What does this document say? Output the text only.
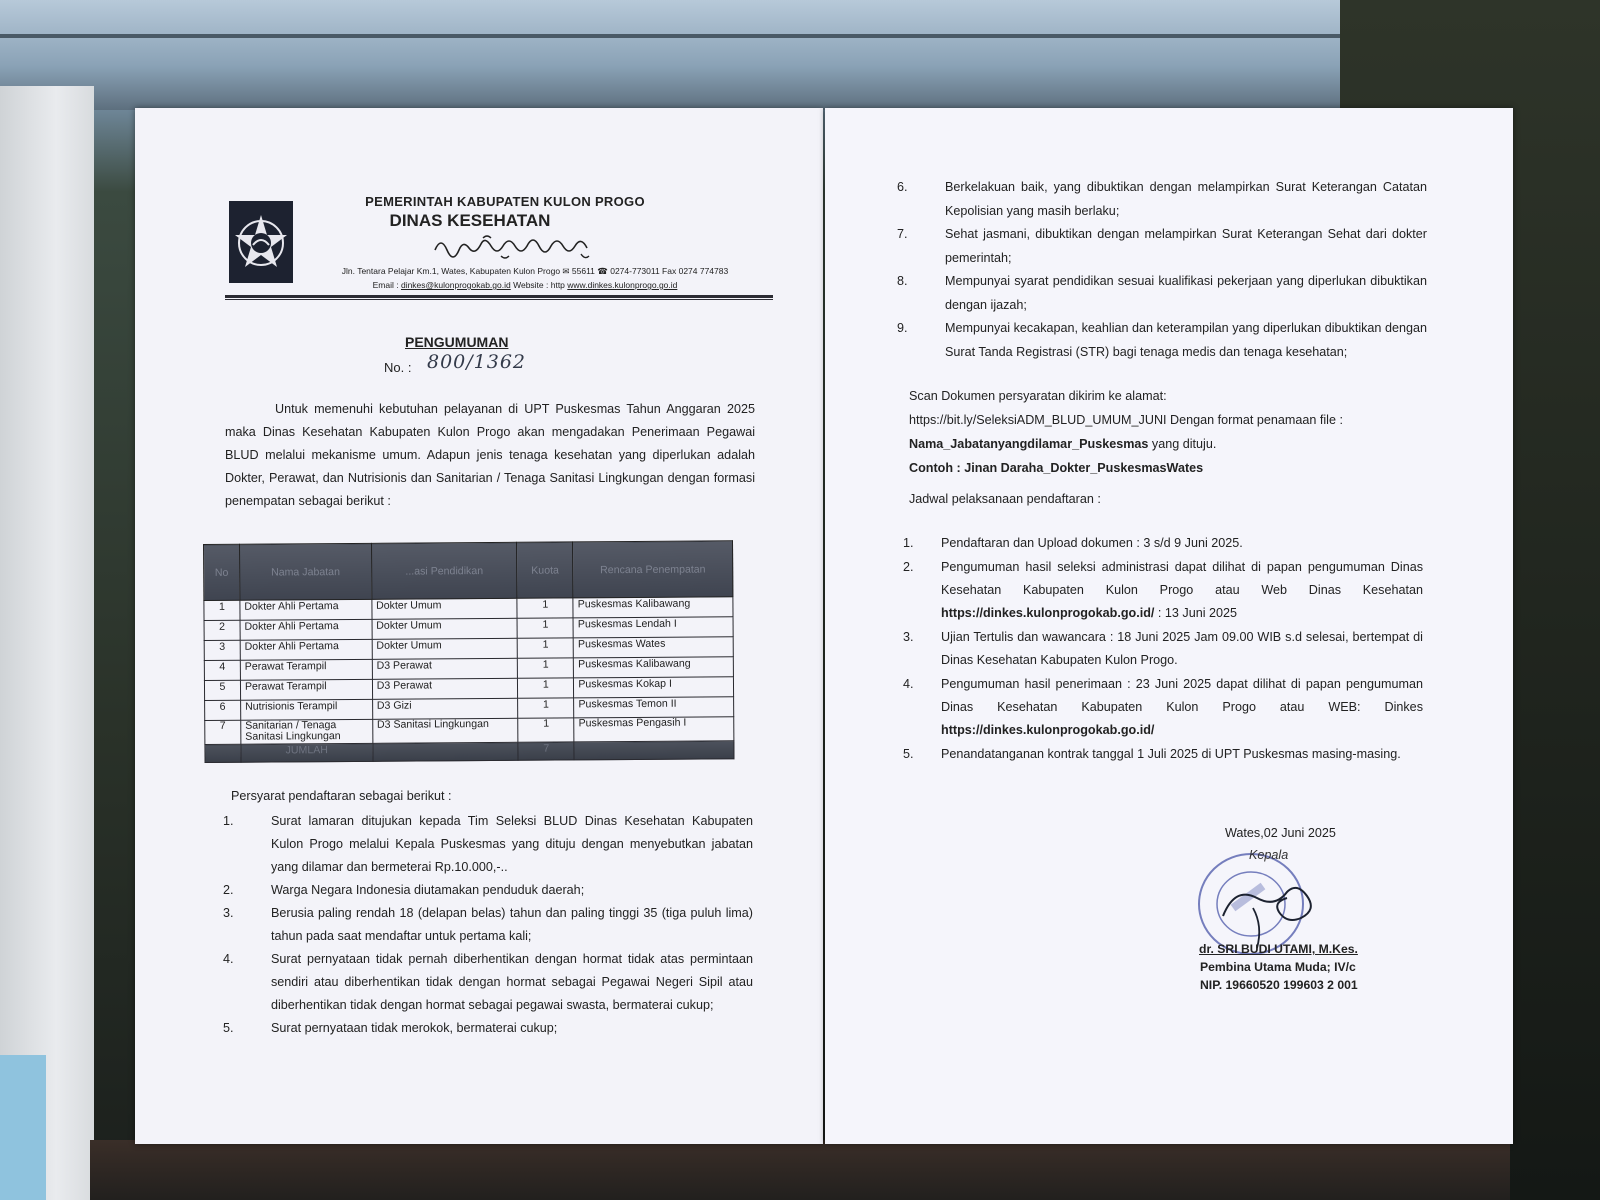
PEMERINTAH KABUPATEN KULON PROGO
DINAS KESEHATAN
Jln. Tentara Pelajar Km.1, Wates, Kabupaten Kulon Progo ✉ 55611 ☎ 0274-773011 Fax 0274 774783
Email : dinkes@kulonprogokab.go.id Website : http www.dinkes.kulonprogo.go.id
PENGUMUMAN
No. : 800/1362

Untuk memenuhi kebutuhan pelayanan di UPT Puskesmas Tahun Anggaran 2025 maka Dinas Kesehatan Kabupaten Kulon Progo akan mengadakan Penerimaan Pegawai BLUD melalui mekanisme umum. Adapun jenis tenaga kesehatan yang diperlukan adalah Dokter, Perawat, dan Nutrisionis dan Sanitarian / Tenaga Sanitasi Lingkungan dengan formasi penempatan sebagai berikut :

No	Nama Jabatan	...asi Pendidikan	Kuota	Rencana Penempatan
1	Dokter Ahli Pertama	Dokter Umum	1	Puskesmas Kalibawang
2	Dokter Ahli Pertama	Dokter Umum	1	Puskesmas Lendah I
3	Dokter Ahli Pertama	Dokter Umum	1	Puskesmas Wates
4	Perawat Terampil	D3 Perawat	1	Puskesmas Kalibawang
5	Perawat Terampil	D3 Perawat	1	Puskesmas Kokap I
6	Nutrisionis Terampil	D3 Gizi	1	Puskesmas Temon II
7	Sanitarian / Tenaga Sanitasi Lingkungan	D3 Sanitasi Lingkungan	1	Puskesmas Pengasih I
	JUMLAH		7	
Persyarat pendaftaran sebagai berikut :
1.	Surat lamaran ditujukan kepada Tim Seleksi BLUD Dinas Kesehatan Kabupaten Kulon Progo melalui Kepala Puskesmas yang dituju dengan menyebutkan jabatan yang dilamar dan bermeterai Rp.10.000,-..
2.	Warga Negara Indonesia diutamakan penduduk daerah;
3.	Berusia paling rendah 18 (delapan belas) tahun dan paling tinggi 35 (tiga puluh lima) tahun pada saat mendaftar untuk pertama kali;
4.	Surat pernyataan tidak pernah diberhentikan dengan hormat tidak atas permintaan sendiri atau diberhentikan tidak dengan hormat sebagai Pegawai Negeri Sipil atau diberhentikan tidak dengan hormat sebagai pegawai swasta, bermaterai cukup;
5.	Surat pernyataan tidak merokok, bermaterai cukup;
6.	Berkelakuan baik, yang dibuktikan dengan melampirkan Surat Keterangan Catatan Kepolisian yang masih berlaku;
7.	Sehat jasmani, dibuktikan dengan melampirkan Surat Keterangan Sehat dari dokter pemerintah;
8.	Mempunyai syarat pendidikan sesuai kualifikasi pekerjaan yang diperlukan dibuktikan dengan ijazah;
9.	Mempunyai kecakapan, keahlian dan keterampilan yang diperlukan dibuktikan dengan Surat Tanda Registrasi (STR) bagi tenaga medis dan tenaga kesehatan;
Scan Dokumen persyaratan dikirim ke alamat:
https://bit.ly/SeleksiADM_BLUD_UMUM_JUNI Dengan format penamaan file :
Nama_Jabatanyangdilamar_Puskesmas yang dituju.
Contoh : Jinan Daraha_Dokter_PuskesmasWates
Jadwal pelaksanaan pendaftaran :
1. Pendaftaran dan Upload dokumen : 3 s/d 9 Juni 2025.
2. Pengumuman hasil seleksi administrasi dapat dilihat di papan pengumuman Dinas Kesehatan Kabupaten Kulon Progo atau Web Dinas Kesehatan https://dinkes.kulonprogokab.go.id/ : 13 Juni 2025
3. Ujian Tertulis dan wawancara : 18 Juni 2025 Jam 09.00 WIB s.d selesai, bertempat di Dinas Kesehatan Kabupaten Kulon Progo.
4. Pengumuman hasil penerimaan : 23 Juni 2025 dapat dilihat di papan pengumuman Dinas Kesehatan Kabupaten Kulon Progo atau WEB: Dinkes https://dinkes.kulonprogokab.go.id/
5. Penandatanganan kontrak tanggal 1 Juli 2025 di UPT Puskesmas masing-masing.
Wates,02 Juni 2025
Kepala
dr. SRI BUDI UTAMI, M.Kes.
Pembina Utama Muda; IV/c
NIP. 19660520 199603 2 001
